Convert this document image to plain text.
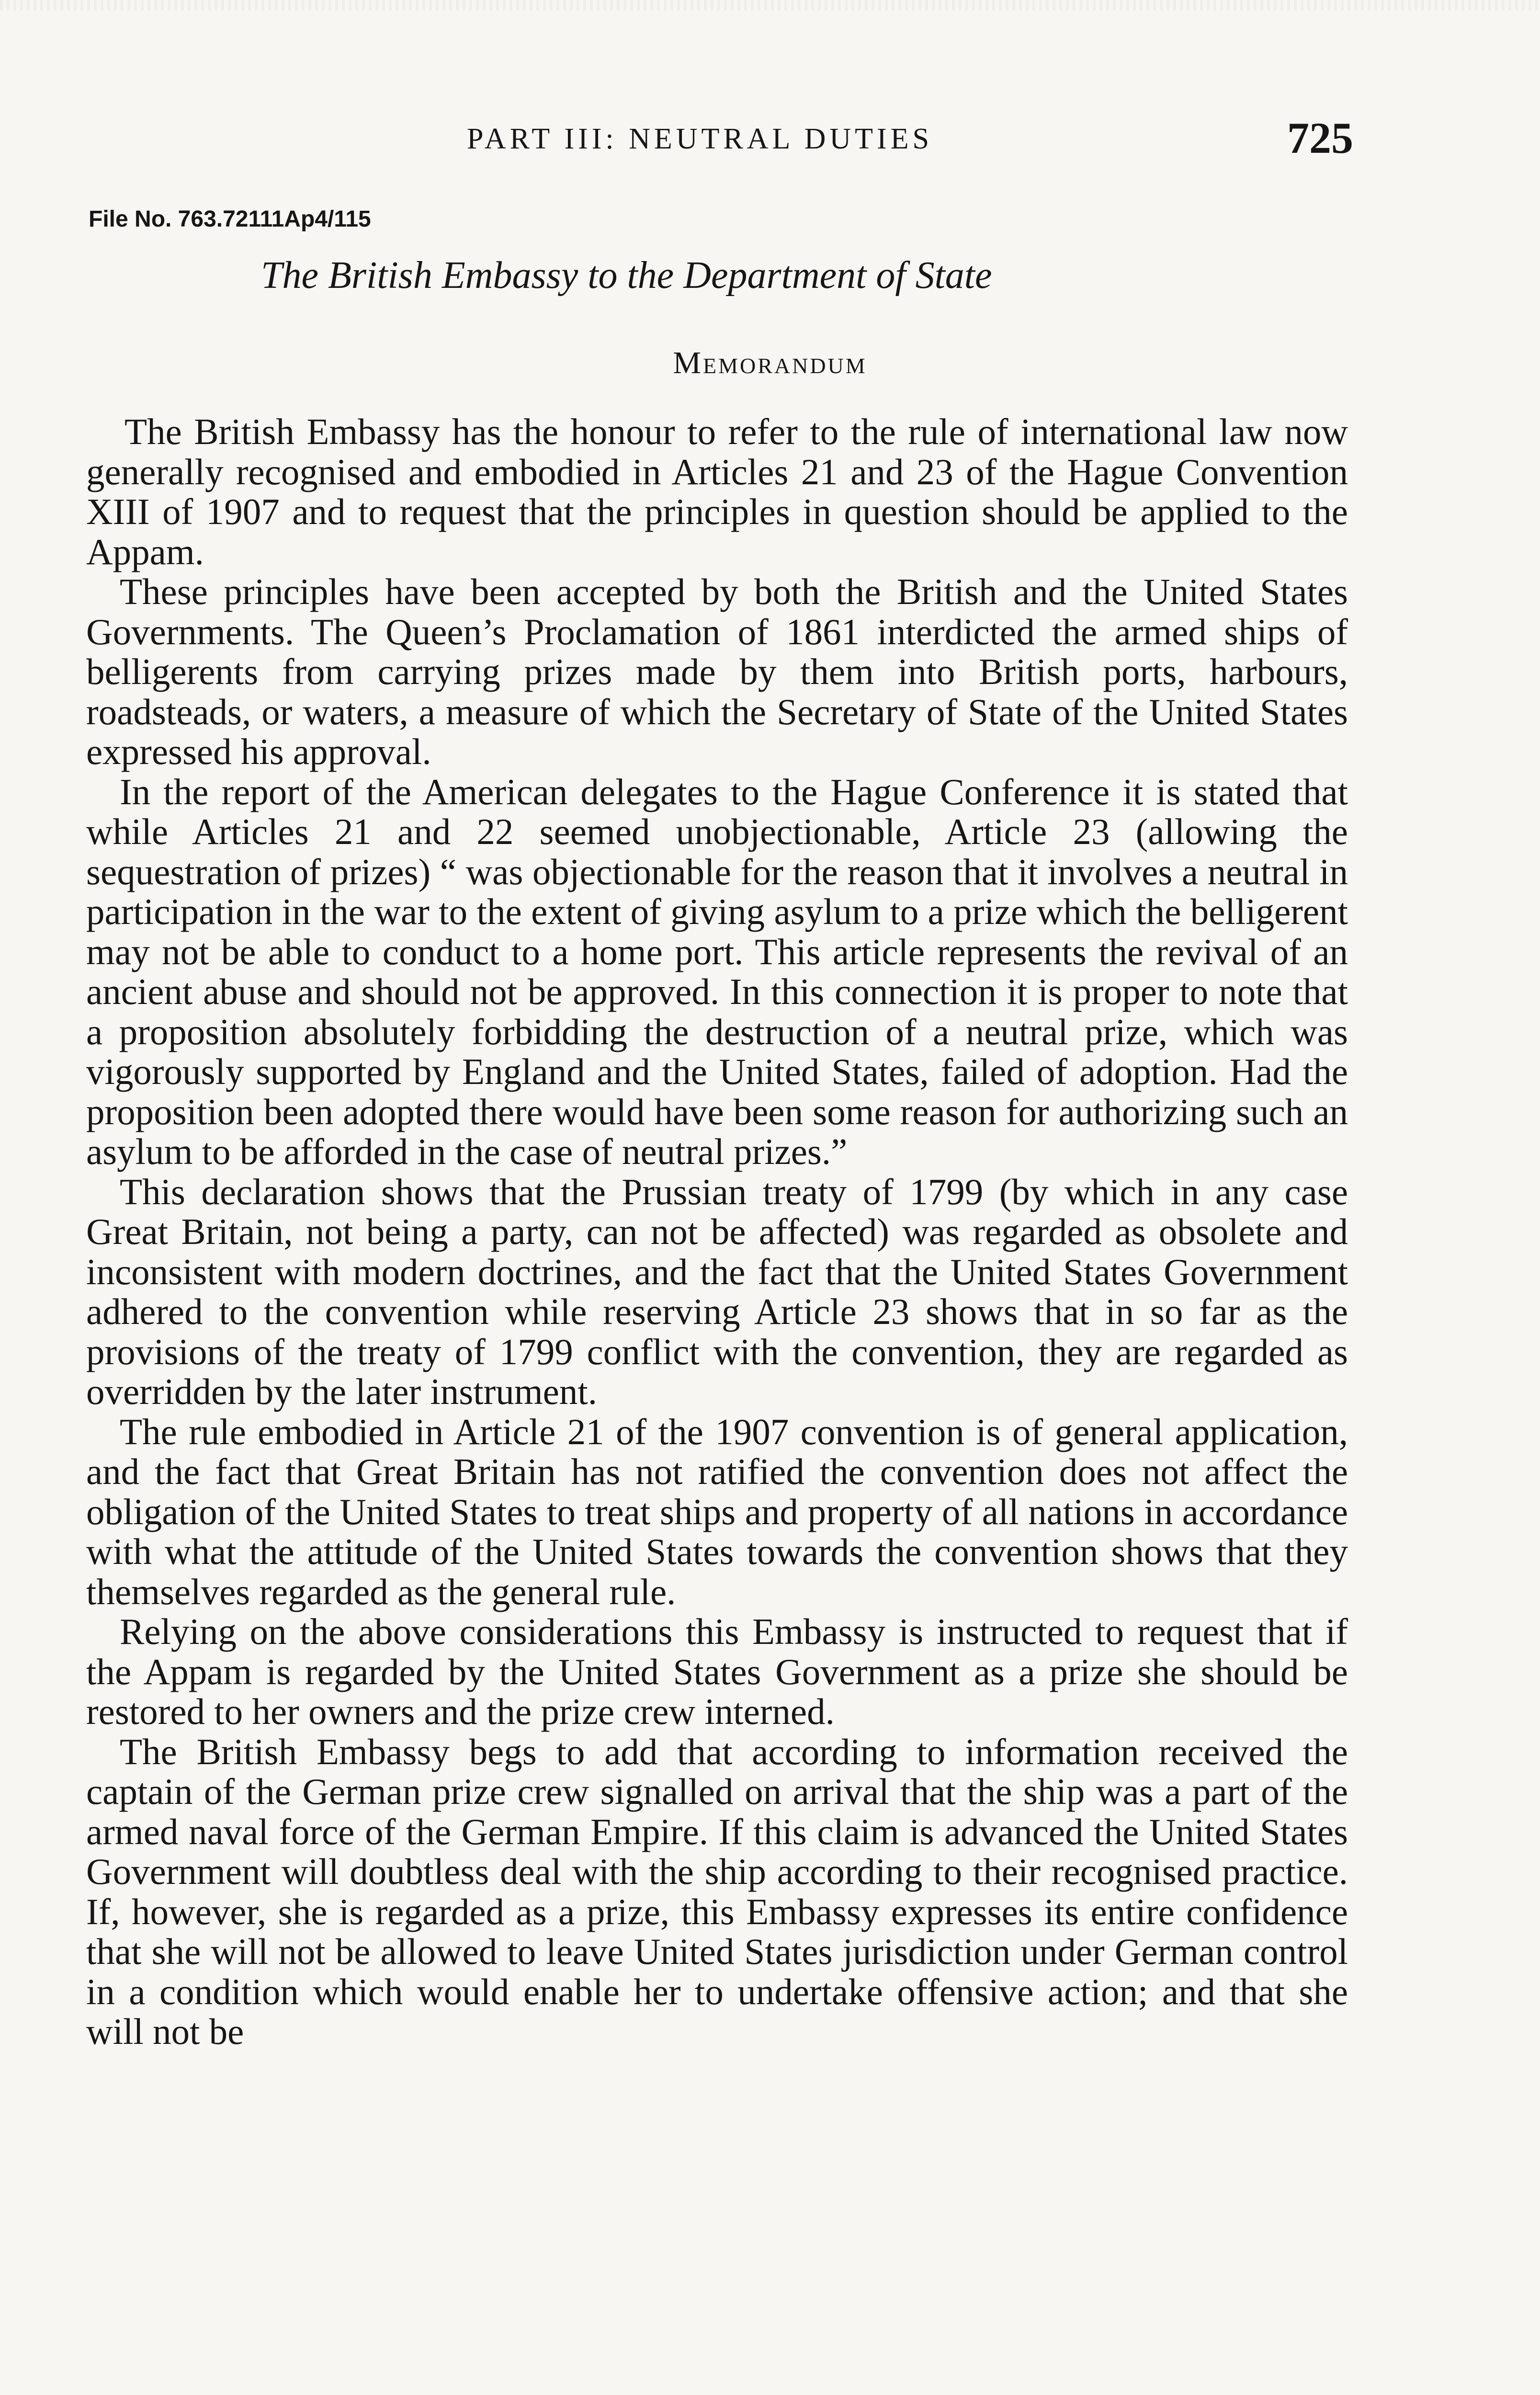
PART III: NEUTRAL DUTIES	725
File No. 763.72111Ap4/115
The British Embassy to the Department of State
Memorandum

The British Embassy has the honour to refer to the rule of international law now generally recognised and embodied in Articles 21 and 23 of the Hague Convention XIII of 1907 and to request that the principles in question should be applied to the Appam.

These principles have been accepted by both the British and the United States Governments. The Queen’s Proclamation of 1861 interdicted the armed ships of belligerents from carrying prizes made by them into British ports, harbours, roadsteads, or waters, a measure of which the Secretary of State of the United States expressed his approval.

In the report of the American delegates to the Hague Conference it is stated that while Articles 21 and 22 seemed unobjectionable, Article 23 (allowing the sequestration of prizes) “ was objectionable for the reason that it involves a neutral in participation in the war to the extent of giving asylum to a prize which the belligerent may not be able to conduct to a home port. This article represents the revival of an ancient abuse and should not be approved. In this connection it is proper to note that a proposition absolutely forbidding the destruction of a neutral prize, which was vigorously supported by England and the United States, failed of adoption. Had the proposition been adopted there would have been some reason for authorizing such an asylum to be afforded in the case of neutral prizes.”

This declaration shows that the Prussian treaty of 1799 (by which in any case Great Britain, not being a party, can not be affected) was regarded as obsolete and inconsistent with modern doctrines, and the fact that the United States Government adhered to the convention while reserving Article 23 shows that in so far as the provisions of the treaty of 1799 conflict with the convention, they are regarded as overridden by the later instrument.

The rule embodied in Article 21 of the 1907 convention is of general application, and the fact that Great Britain has not ratified the convention does not affect the obligation of the United States to treat ships and property of all nations in accordance with what the attitude of the United States towards the convention shows that they themselves regarded as the general rule.

Relying on the above considerations this Embassy is instructed to request that if the Appam is regarded by the United States Government as a prize she should be restored to her owners and the prize crew interned.

The British Embassy begs to add that according to information received the captain of the German prize crew signalled on arrival that the ship was a part of the armed naval force of the German Empire. If this claim is advanced the United States Government will doubtless deal with the ship according to their recognised practice. If, however, she is regarded as a prize, this Embassy expresses its entire confidence that she will not be allowed to leave United States jurisdiction under German control in a condition which would enable her to undertake offensive action; and that she will not be
